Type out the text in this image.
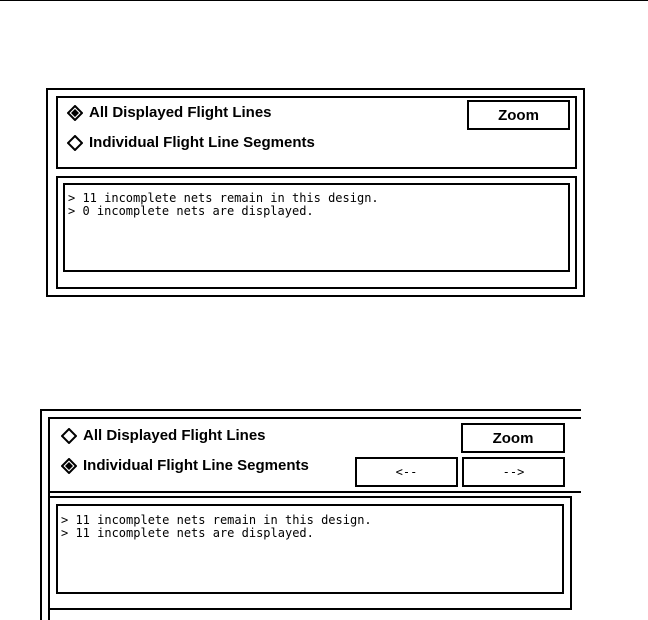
All Displayed Flight Lines
Individual Flight Line Segments
Zoom
> 11 incomplete nets remain in this design.
> 0 incomplete nets are displayed.
All Displayed Flight Lines
Individual Flight Line Segments
Zoom
<--	-->
> 11 incomplete nets remain in this design.
> 11 incomplete nets are displayed.
